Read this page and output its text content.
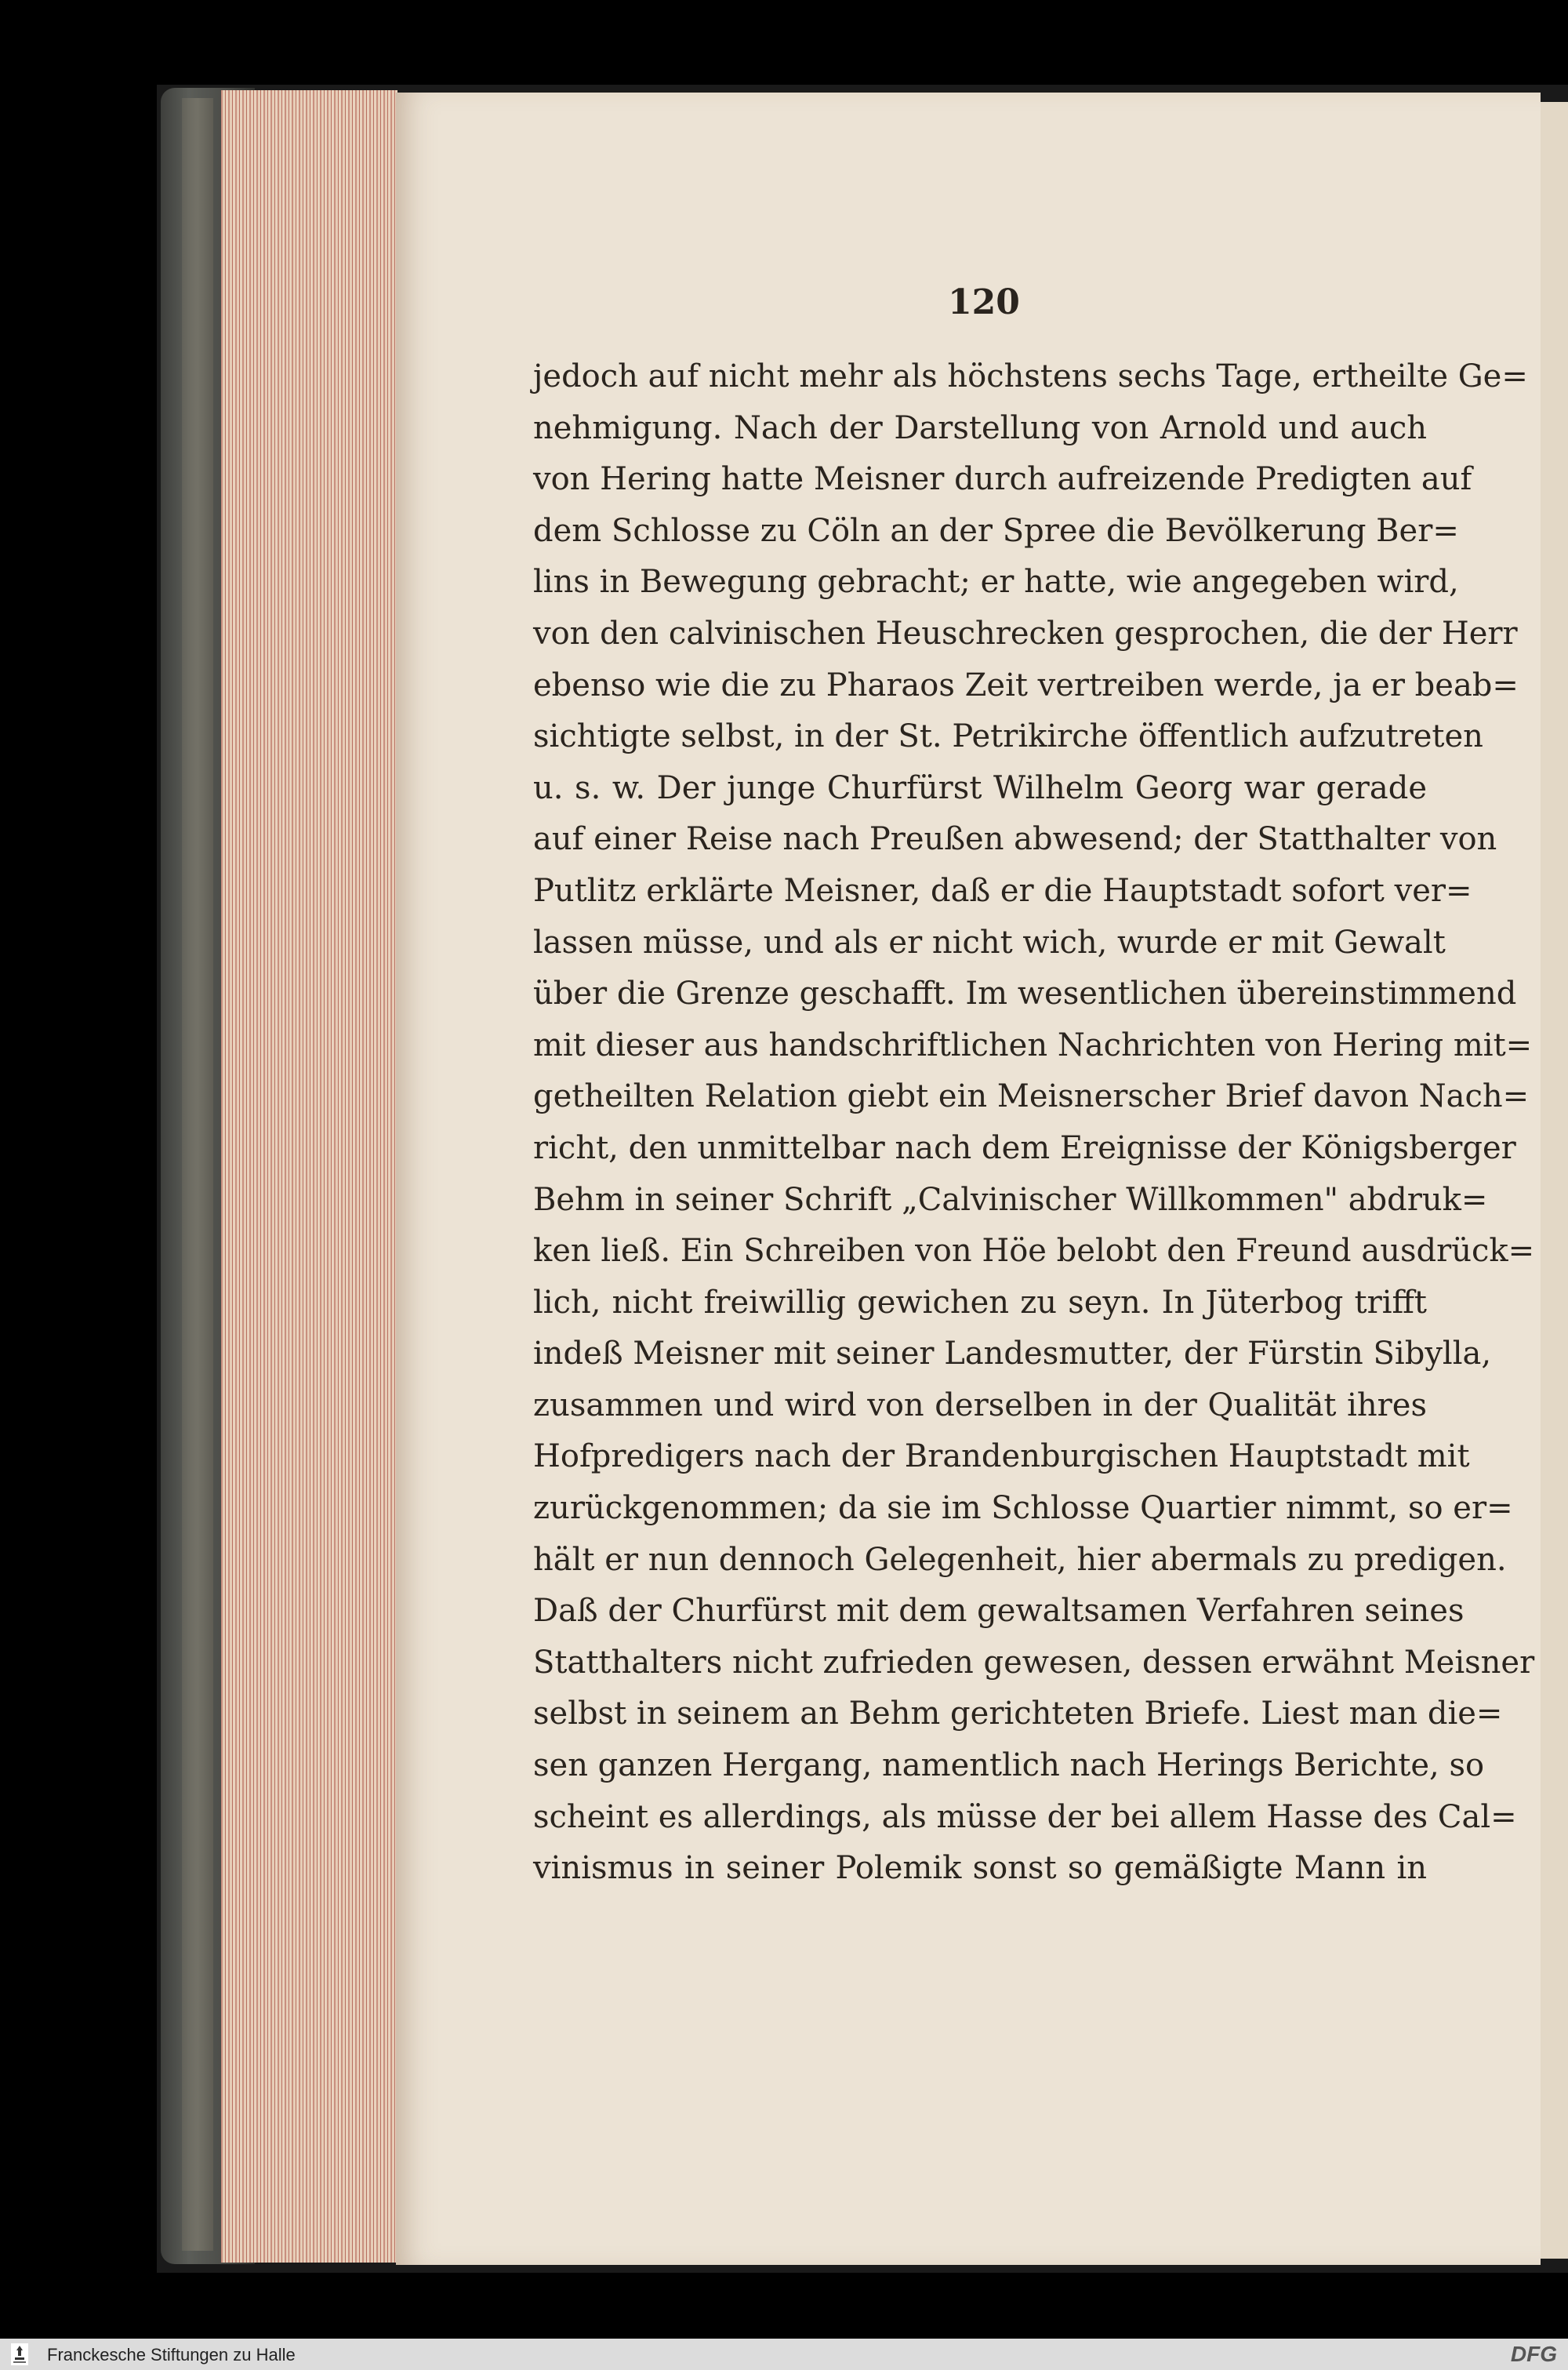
120
jedoch auf nicht mehr als höchstens sechs Tage, ertheilte Ge=
nehmigung. Nach der Darstellung von Arnold und auch
von Hering hatte Meisner durch aufreizende Predigten auf
dem Schlosse zu Cöln an der Spree die Bevölkerung Ber=
lins in Bewegung gebracht; er hatte, wie angegeben wird,
von den calvinischen Heuschrecken gesprochen, die der Herr
ebenso wie die zu Pharaos Zeit vertreiben werde, ja er beab=
sichtigte selbst, in der St. Petrikirche öffentlich aufzutreten
u. s. w. Der junge Churfürst Wilhelm Georg war gerade
auf einer Reise nach Preußen abwesend; der Statthalter von
Putlitz erklärte Meisner, daß er die Hauptstadt sofort ver=
lassen müsse, und als er nicht wich, wurde er mit Gewalt
über die Grenze geschafft. Im wesentlichen übereinstimmend
mit dieser aus handschriftlichen Nachrichten von Hering mit=
getheilten Relation giebt ein Meisnerscher Brief davon Nach=
richt, den unmittelbar nach dem Ereignisse der Königsberger
Behm in seiner Schrift „Calvinischer Willkommen" abdruk=
ken ließ. Ein Schreiben von Höe belobt den Freund ausdrück=
lich, nicht freiwillig gewichen zu seyn. In Jüterbog trifft
indeß Meisner mit seiner Landesmutter, der Fürstin Sibylla,
zusammen und wird von derselben in der Qualität ihres
Hofpredigers nach der Brandenburgischen Hauptstadt mit
zurückgenommen; da sie im Schlosse Quartier nimmt, so er=
hält er nun dennoch Gelegenheit, hier abermals zu predigen.
Daß der Churfürst mit dem gewaltsamen Verfahren seines
Statthalters nicht zufrieden gewesen, dessen erwähnt Meisner
selbst in seinem an Behm gerichteten Briefe. Liest man die=
sen ganzen Hergang, namentlich nach Herings Berichte, so
scheint es allerdings, als müsse der bei allem Hasse des Cal=
vinismus in seiner Polemik sonst so gemäßigte Mann in
Franckesche Stiftungen zu Halle	DFG
